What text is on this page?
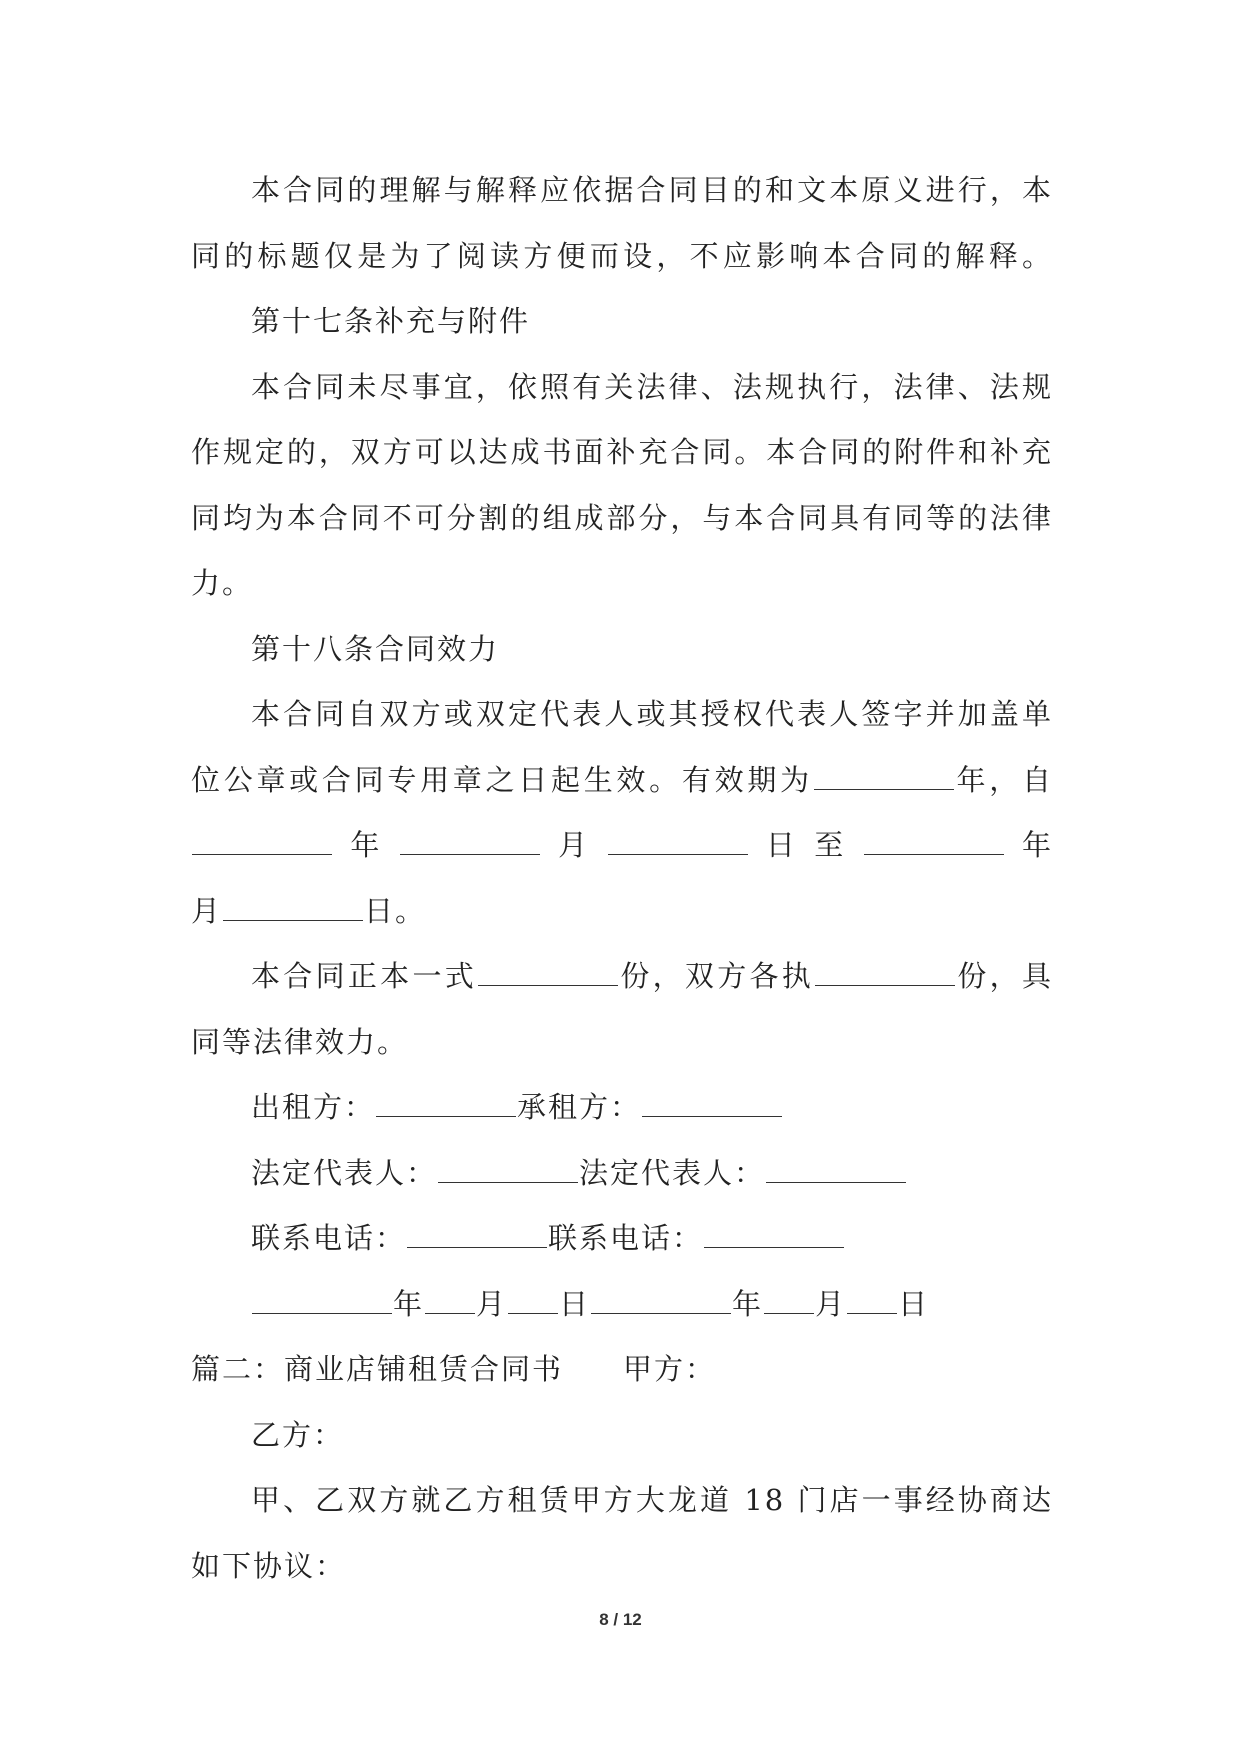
本合同的理解与解释应依据合同目的和文本原义进行，本
同的标题仅是为了阅读方便而设，不应影响本合同的解释。
第十七条补充与附件
本合同未尽事宜，依照有关法律、法规执行，法律、法规
作规定的，双方可以达成书面补充合同。本合同的附件和补充
同均为本合同不可分割的组成部分，与本合同具有同等的法律
力。
第十八条合同效力
本合同自双方或双定代表人或其授权代表人签字并加盖单
位公章或合同专用章之日起生效。有效期为	年，自
年	月	日至	年
月	日。
本合同正本一式	份，双方各执	份，具
同等法律效力。
出租方：	承租方：
法定代表人：	法定代表人：
联系电话：	联系电话：
年 月 日	年 月 日
篇二：商业店铺租赁合同书 甲方：
乙方：
甲、乙双方就乙方租赁甲方大龙道 18 门店一事经协商达
如下协议：
8 / 12
